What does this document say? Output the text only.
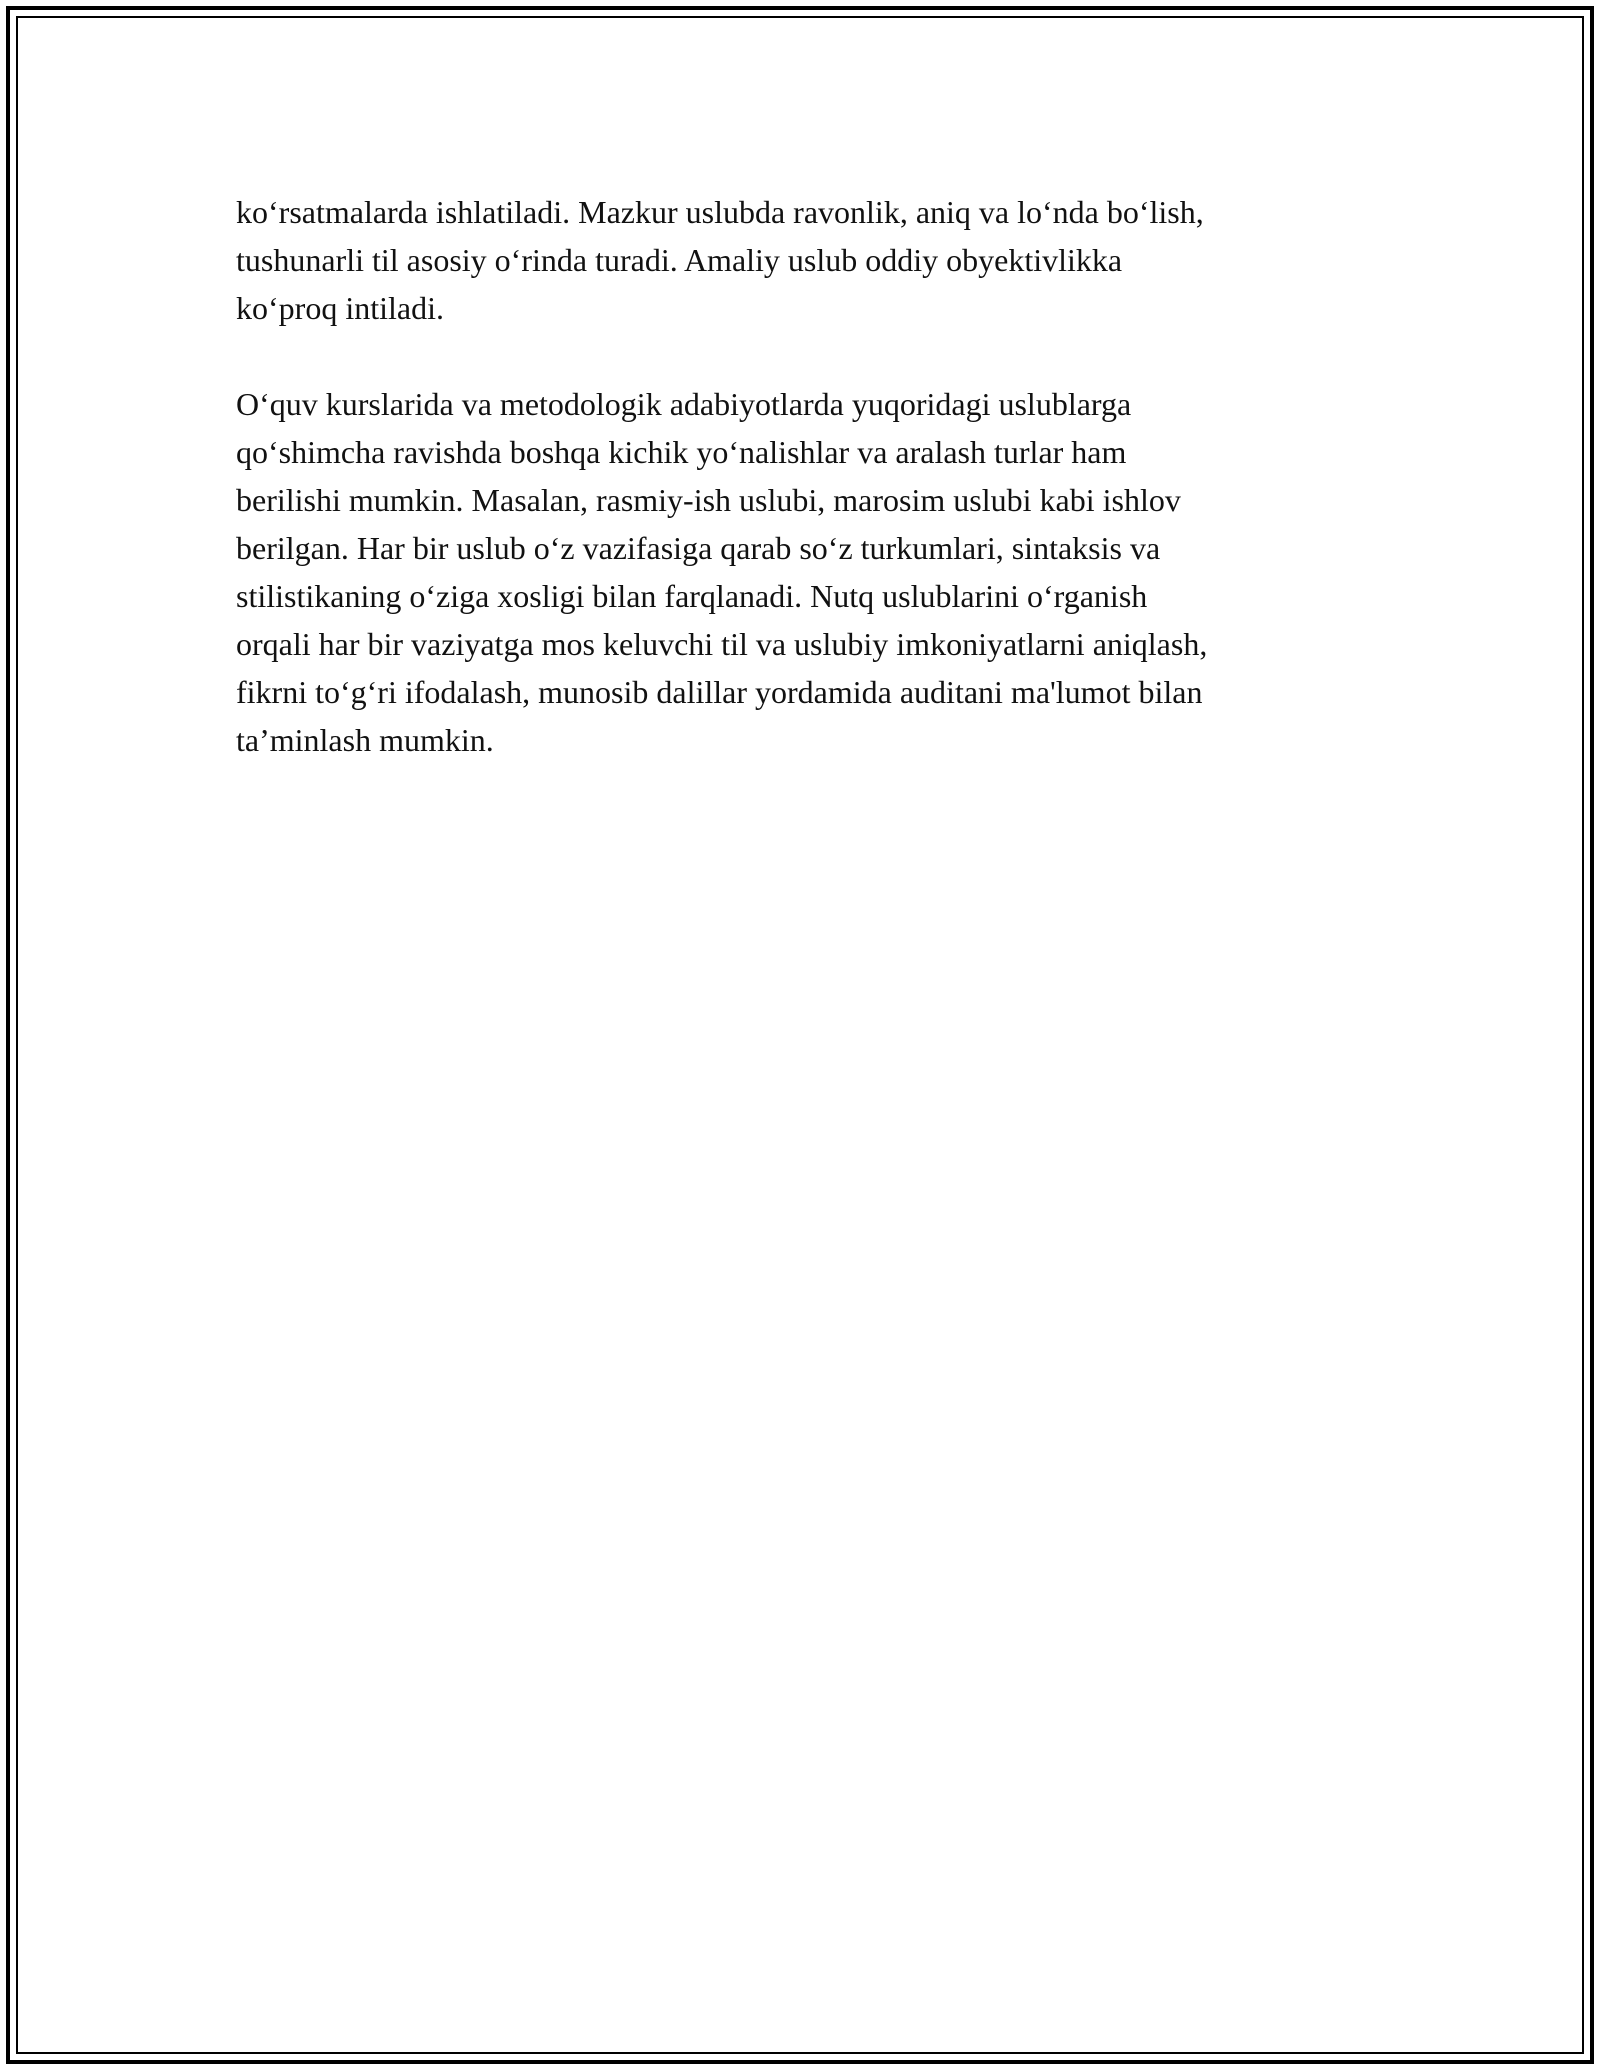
ko‘rsatmalarda ishlatiladi. Mazkur uslubda ravonlik, aniq va lo‘nda bo‘lish,
tushunarli til asosiy o‘rinda turadi. Amaliy uslub oddiy obyektivlikka
ko‘proq intiladi.

O‘quv kurslarida va metodologik adabiyotlarda yuqoridagi uslublarga
qo‘shimcha ravishda boshqa kichik yo‘nalishlar va aralash turlar ham
berilishi mumkin. Masalan, rasmiy-ish uslubi, marosim uslubi kabi ishlov
berilgan. Har bir uslub o‘z vazifasiga qarab so‘z turkumlari, sintaksis va
stilistikaning o‘ziga xosligi bilan farqlanadi. Nutq uslublarini o‘rganish
orqali har bir vaziyatga mos keluvchi til va uslubiy imkoniyatlarni aniqlash,
fikrni to‘g‘ri ifodalash, munosib dalillar yordamida auditani ma'lumot bilan
ta’minlash mumkin.
